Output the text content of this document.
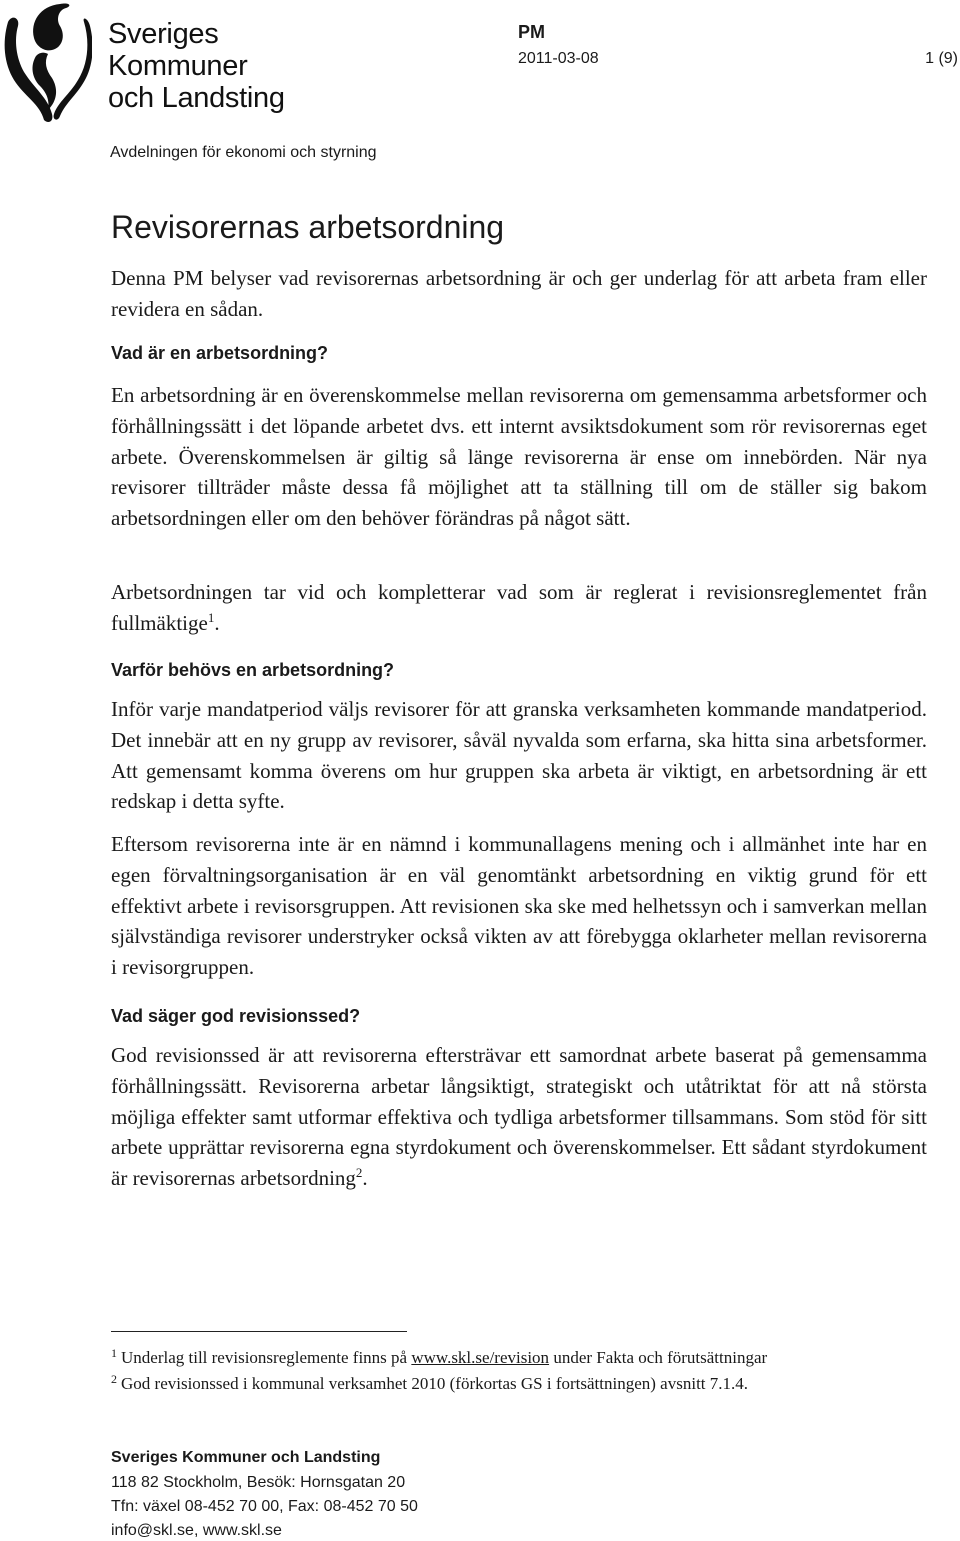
Sveriges
Kommuner
och Landsting
PM
2011-03-08	1 (9)
Avdelningen för ekonomi och styrning
Revisorernas arbetsordning

Denna PM belyser vad revisorernas arbetsordning är och ger underlag för att arbeta fram eller revidera en sådan.

Vad är en arbetsordning?

En arbetsordning är en överenskommelse mellan revisorerna om gemensamma arbetsformer och förhållningssätt i det löpande arbetet dvs. ett internt avsiktsdokument som rör revisorernas eget arbete. Överenskommelsen är giltig så länge revisorerna är ense om innebörden. När nya revisorer tillträder måste dessa få möjlighet att ta ställning till om de ställer sig bakom arbetsordningen eller om den behöver förändras på något sätt.

Arbetsordningen tar vid och kompletterar vad som är reglerat i revisionsreglementet från fullmäktige$^1$.

Varför behövs en arbetsordning?

Inför varje mandatperiod väljs revisorer för att granska verksamheten kommande mandatperiod. Det innebär att en ny grupp av revisorer, såväl nyvalda som erfarna, ska hitta sina arbetsformer. Att gemensamt komma överens om hur gruppen ska arbeta är viktigt, en arbetsordning är ett redskap i detta syfte.

Eftersom revisorerna inte är en nämnd i kommunallagens mening och i allmänhet inte har en egen förvaltningsorganisation är en väl genomtänkt arbetsordning en viktig grund för ett effektivt arbete i revisorsgruppen. Att revisionen ska ske med helhetssyn och i samverkan mellan självständiga revisorer understryker också vikten av att förebygga oklarheter mellan revisorerna i revisorgruppen.

Vad säger god revisionssed?

God revisionssed är att revisorerna eftersträvar ett samordnat arbete baserat på gemensamma förhållningssätt. Revisorerna arbetar långsiktigt, strategiskt och utåtriktat för att nå största möjliga effekter samt utformar effektiva och tydliga arbetsformer tillsammans. Som stöd för sitt arbete upprättar revisorerna egna styrdokument och överenskommelser. Ett sådant styrdokument är revisorernas arbetsordning$^2$.

$^1$ Underlag till revisionsreglemente finns på www.skl.se/revision under Fakta och förutsättningar
$^2$ God revisionssed i kommunal verksamhet 2010 (förkortas GS i fortsättningen) avsnitt 7.1.4.
Sveriges Kommuner och Landsting
118 82 Stockholm, Besök: Hornsgatan 20
Tfn: växel 08-452 70 00, Fax: 08-452 70 50
info@skl.se, www.skl.se
